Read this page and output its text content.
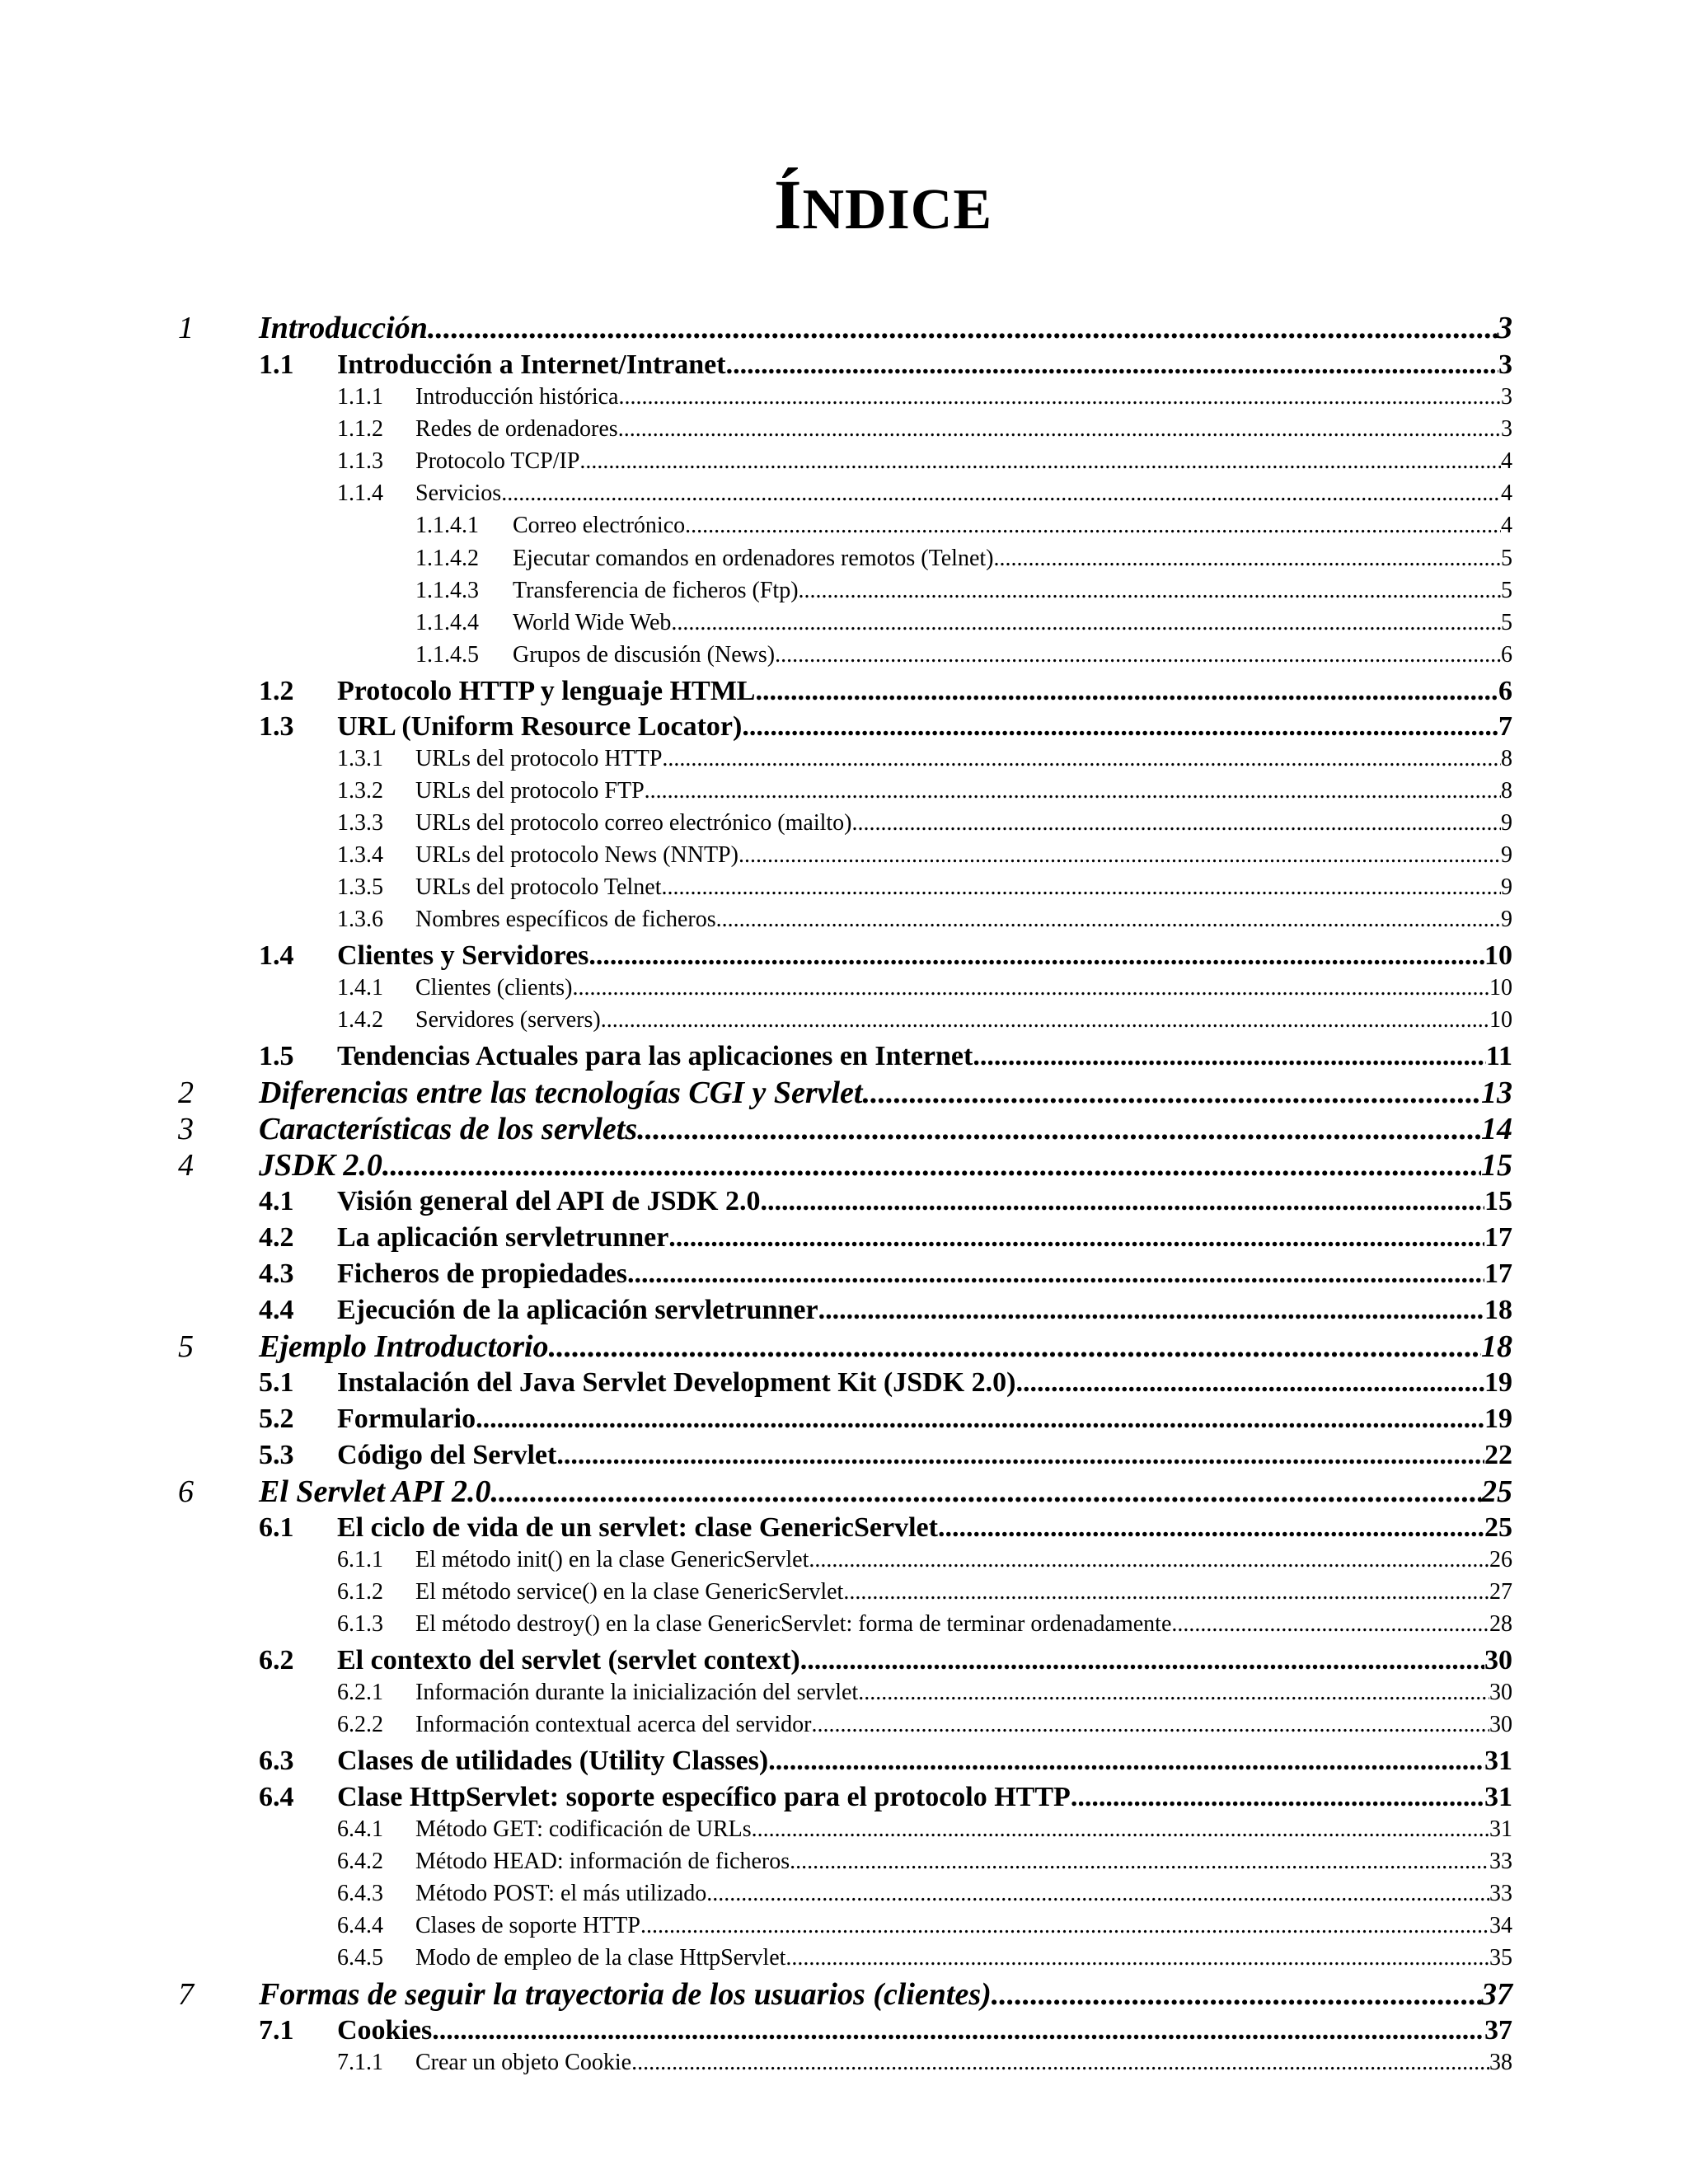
ÍNDICE
1	Introducción .....	3
1.1	Introducción a Internet/Intranet .....	3
1.1.1	Introducción histórica .....	3
1.1.2	Redes de ordenadores .....	3
1.1.3	Protocolo TCP/IP .....	4
1.1.4	Servicios .....	4
1.1.4.1	Correo electrónico .....	4
1.1.4.2	Ejecutar comandos en ordenadores remotos (Telnet) .....	5
1.1.4.3	Transferencia de ficheros (Ftp) .....	5
1.1.4.4	World Wide Web .....	5
1.1.4.5	Grupos de discusión (News) .....	6
1.2	Protocolo HTTP y lenguaje HTML .....	6
1.3	URL (Uniform Resource Locator) .....	7
1.3.1	URLs del protocolo HTTP .....	8
1.3.2	URLs del protocolo FTP .....	8
1.3.3	URLs del protocolo correo electrónico (mailto) .....	9
1.3.4	URLs del protocolo News (NNTP) .....	9
1.3.5	URLs del protocolo Telnet .....	9
1.3.6	Nombres específicos de ficheros .....	9
1.4	Clientes y Servidores .....	10
1.4.1	Clientes (clients) .....	10
1.4.2	Servidores (servers) .....	10
1.5	Tendencias Actuales para las aplicaciones en Internet .....	11
2	Diferencias entre las tecnologías CGI y Servlet .....	13
3	Características de los servlets .....	14
4	JSDK 2.0 .....	15
4.1	Visión general del API de JSDK 2.0 .....	15
4.2	La aplicación servletrunner .....	17
4.3	Ficheros de propiedades .....	17
4.4	Ejecución de la aplicación servletrunner .....	18
5	Ejemplo Introductorio .....	18
5.1	Instalación del Java Servlet Development Kit (JSDK 2.0) .....	19
5.2	Formulario .....	19
5.3	Código del Servlet .....	22
6	El Servlet API 2.0 .....	25
6.1	El ciclo de vida de un servlet: clase GenericServlet .....	25
6.1.1	El método init() en la clase GenericServlet .....	26
6.1.2	El método service() en la clase GenericServlet .....	27
6.1.3	El método destroy() en la clase GenericServlet: forma de terminar ordenadamente .....	28
6.2	El contexto del servlet (servlet context) .....	30
6.2.1	Información durante la inicialización del servlet .....	30
6.2.2	Información contextual acerca del servidor .....	30
6.3	Clases de utilidades (Utility Classes) .....	31
6.4	Clase HttpServlet: soporte específico para el protocolo HTTP .....	31
6.4.1	Método GET: codificación de URLs .....	31
6.4.2	Método HEAD: información de ficheros .....	33
6.4.3	Método POST: el más utilizado .....	33
6.4.4	Clases de soporte HTTP .....	34
6.4.5	Modo de empleo de la clase HttpServlet .....	35
7	Formas de seguir la trayectoria de los usuarios (clientes) .....	37
7.1	Cookies .....	37
7.1.1	Crear un objeto Cookie .....	38
